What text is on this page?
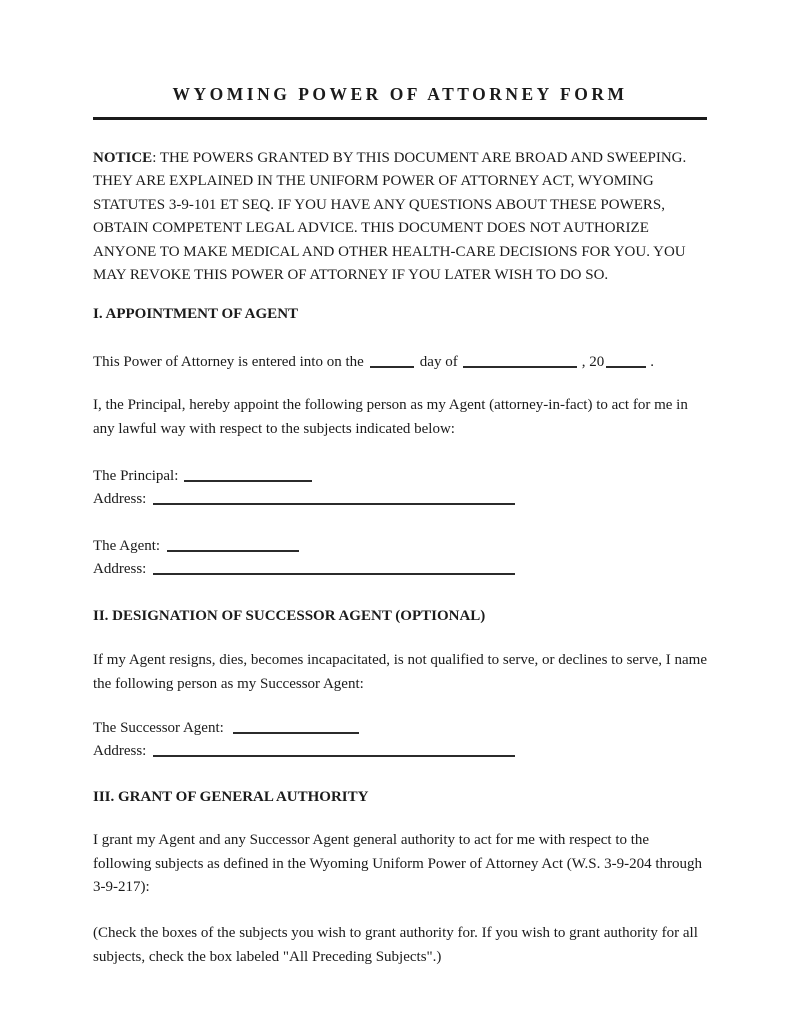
WYOMING POWER OF ATTORNEY FORM

NOTICE: THE POWERS GRANTED BY THIS DOCUMENT ARE BROAD AND SWEEPING. THEY ARE EXPLAINED IN THE UNIFORM POWER OF ATTORNEY ACT, WYOMING STATUTES 3-9-101 ET SEQ. IF YOU HAVE ANY QUESTIONS ABOUT THESE POWERS, OBTAIN COMPETENT LEGAL ADVICE. THIS DOCUMENT DOES NOT AUTHORIZE ANYONE TO MAKE MEDICAL AND OTHER HEALTH-CARE DECISIONS FOR YOU. YOU MAY REVOKE THIS POWER OF ATTORNEY IF YOU LATER WISH TO DO SO.

I. APPOINTMENT OF AGENT

This Power of Attorney is entered into on the	day of	, 20	.

I, the Principal, hereby appoint the following person as my Agent (attorney-in-fact) to act for me in any lawful way with respect to the subjects indicated below:

The Principal:

Address:

The Agent:

Address:

II. DESIGNATION OF SUCCESSOR AGENT (OPTIONAL)

If my Agent resigns, dies, becomes incapacitated, is not qualified to serve, or declines to serve, I name the following person as my Successor Agent:

The Successor Agent:

Address:

III. GRANT OF GENERAL AUTHORITY

I grant my Agent and any Successor Agent general authority to act for me with respect to the following subjects as defined in the Wyoming Uniform Power of Attorney Act (W.S. 3-9-204 through 3-9-217):

(Check the boxes of the subjects you wish to grant authority for. If you wish to grant authority for all subjects, check the box labeled "All Preceding Subjects".)
